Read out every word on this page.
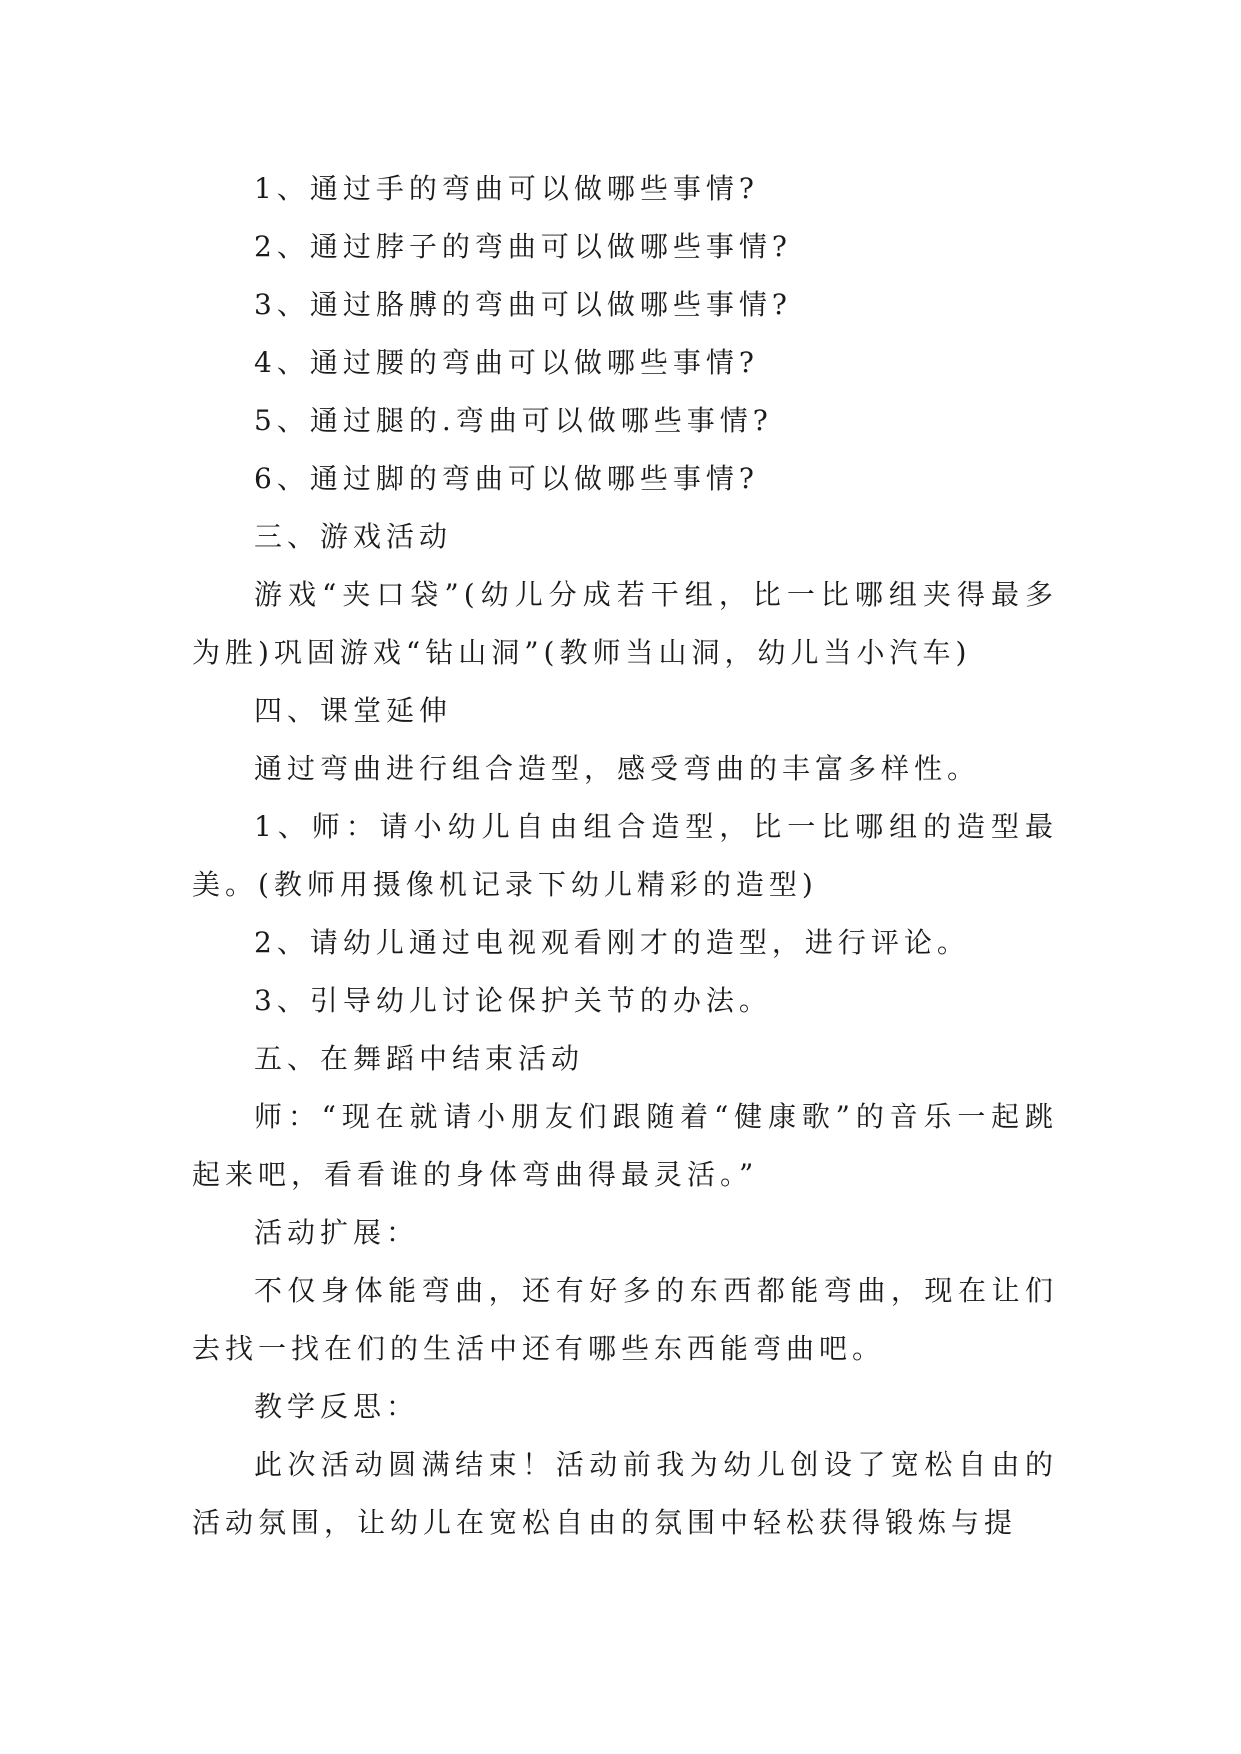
1、通过手的弯曲可以做哪些事情?

2、通过脖子的弯曲可以做哪些事情?

3、通过胳膊的弯曲可以做哪些事情?

4、通过腰的弯曲可以做哪些事情?

5、通过腿的.弯曲可以做哪些事情?

6、通过脚的弯曲可以做哪些事情?

三、游戏活动

游戏“夹口袋”(幼儿分成若干组，比一比哪组夹得最多为胜)巩固游戏“钻山洞”(教师当山洞，幼儿当小汽车)

四、课堂延伸

通过弯曲进行组合造型，感受弯曲的丰富多样性。

1、师：请小幼儿自由组合造型，比一比哪组的造型最美。(教师用摄像机记录下幼儿精彩的造型)

2、请幼儿通过电视观看刚才的造型，进行评论。

3、引导幼儿讨论保护关节的办法。

五、在舞蹈中结束活动

师：“现在就请小朋友们跟随着“健康歌”的音乐一起跳起来吧，看看谁的身体弯曲得最灵活。”

活动扩展：

不仅身体能弯曲，还有好多的东西都能弯曲，现在让们去找一找在们的生活中还有哪些东西能弯曲吧。

教学反思：

此次活动圆满结束！活动前我为幼儿创设了宽松自由的活动氛围，让幼儿在宽松自由的氛围中轻松获得锻炼与提
